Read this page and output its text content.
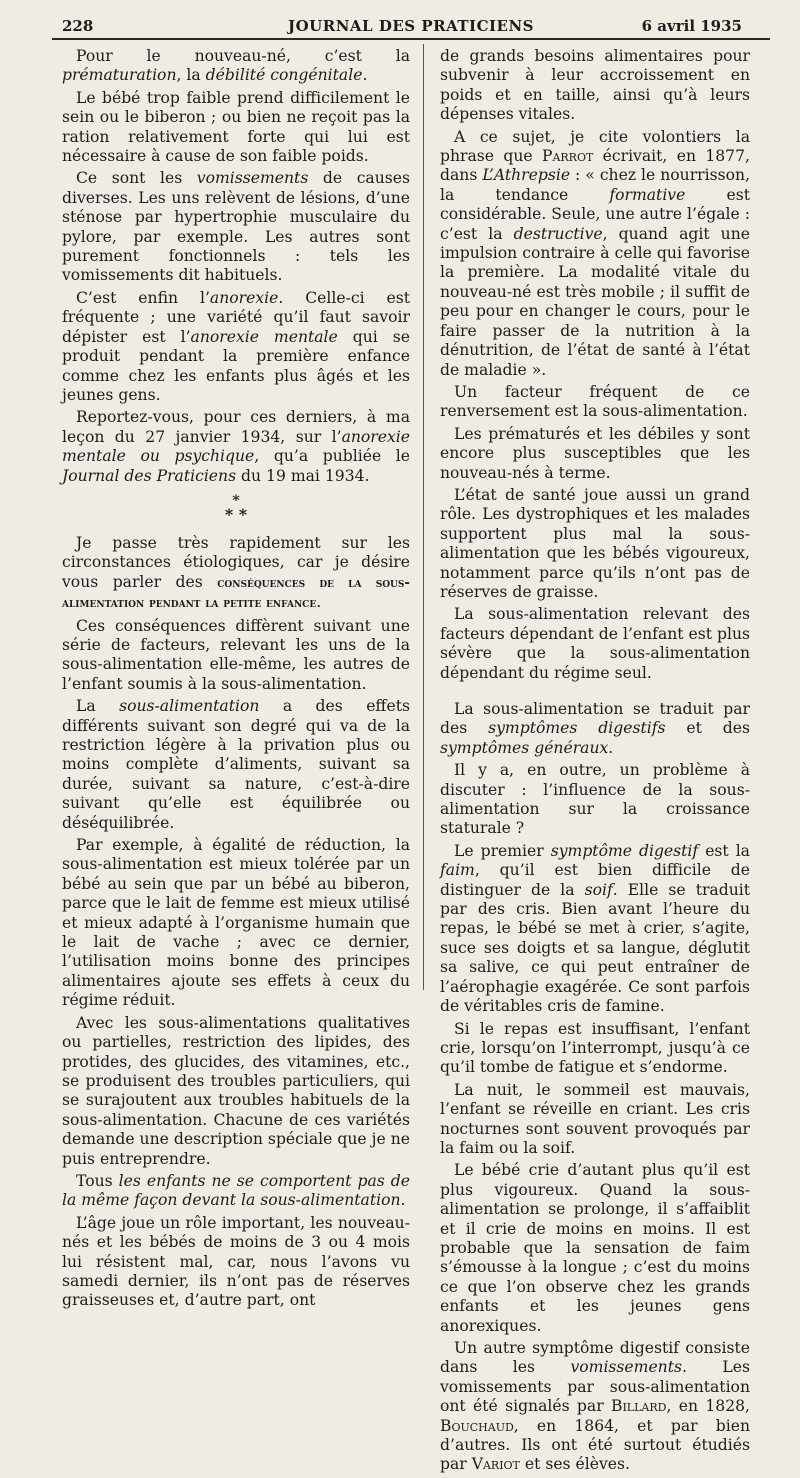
228	JOURNAL DES PRATICIENS	6 avril 1935

Pour le nouveau-né, c’est la prématuration, la débilité congénitale.

Le bébé trop faible prend difficilement le sein ou le biberon ; ou bien ne reçoit pas la ration relativement forte qui lui est nécessaire à cause de son faible poids.

Ce sont les vomissements de causes diverses. Les uns relèvent de lésions, d’une sténose par hypertrophie musculaire du pylore, par exemple. Les autres sont purement fonctionnels : tels les vomissements dit habituels.

C’est enfin l’anorexie. Celle-ci est fréquente ; une variété qu’il faut savoir dépister est l’anorexie mentale qui se produit pendant la première enfance comme chez les enfants plus âgés et les jeunes gens.

Reportez-vous, pour ces derniers, à ma leçon du 27 janvier 1934, sur l’anorexie mentale ou psychique, qu’a publiée le Journal des Praticiens du 19 mai 1934.

*
* *

Je passe très rapidement sur les circonstances étiologiques, car je désire vous parler des conséquences de la sous-alimentation pendant la petite enfance.

Ces conséquences diffèrent suivant une série de facteurs, relevant les uns de la sous-alimentation elle-même, les autres de l’enfant soumis à la sous-alimentation.

La sous-alimentation a des effets différents suivant son degré qui va de la restriction légère à la privation plus ou moins complète d’aliments, suivant sa durée, suivant sa nature, c’est-à-dire suivant qu’elle est équilibrée ou déséquilibrée.

Par exemple, à égalité de réduction, la sous-alimentation est mieux tolérée par un bébé au sein que par un bébé au biberon, parce que le lait de femme est mieux utilisé et mieux adapté à l’organisme humain que le lait de vache ; avec ce dernier, l’utilisation moins bonne des principes alimentaires ajoute ses effets à ceux du régime réduit.

Avec les sous-alimentations qualitatives ou partielles, restriction des lipides, des protides, des glucides, des vitamines, etc., se produisent des troubles particuliers, qui se surajoutent aux troubles habituels de la sous-alimentation. Chacune de ces variétés demande une description spéciale que je ne puis entreprendre.

Tous les enfants ne se comportent pas de la même façon devant la sous-alimentation.

L’âge joue un rôle important, les nouveau-nés et les bébés de moins de 3 ou 4 mois lui résistent mal, car, nous l’avons vu samedi dernier, ils n’ont pas de réserves graisseuses et, d’autre part, ont

de grands besoins alimentaires pour subvenir à leur accroissement en poids et en taille, ainsi qu’à leurs dépenses vitales.

A ce sujet, je cite volontiers la phrase que Parrot écrivait, en 1877, dans L’Athrepsie : « chez le nourrisson, la tendance formative est considérable. Seule, une autre l’égale : c’est la destructive, quand agit une impulsion contraire à celle qui favorise la première. La modalité vitale du nouveau-né est très mobile ; il suffit de peu pour en changer le cours, pour le faire passer de la nutrition à la dénutrition, de l’état de santé à l’état de maladie ».

Un facteur fréquent de ce renversement est la sous-alimentation.

Les prématurés et les débiles y sont encore plus susceptibles que les nouveau-nés à terme.

L’état de santé joue aussi un grand rôle. Les dystrophiques et les malades supportent plus mal la sous-alimentation que les bébés vigoureux, notamment parce qu’ils n’ont pas de réserves de graisse.

La sous-alimentation relevant des facteurs dépendant de l’enfant est plus sévère que la sous-alimentation dépendant du régime seul.

La sous-alimentation se traduit par des symptômes digestifs et des symptômes généraux.

Il y a, en outre, un problème à discuter : l’influence de la sous-alimentation sur la croissance staturale ?

Le premier symptôme digestif est la faim, qu’il est bien difficile de distinguer de la soif. Elle se traduit par des cris. Bien avant l’heure du repas, le bébé se met à crier, s’agite, suce ses doigts et sa langue, déglutit sa salive, ce qui peut entraîner de l’aérophagie exagérée. Ce sont parfois de véritables cris de famine.

Si le repas est insuffisant, l’enfant crie, lorsqu’on l’interrompt, jusqu’à ce qu’il tombe de fatigue et s’endorme.

La nuit, le sommeil est mauvais, l’enfant se réveille en criant. Les cris nocturnes sont souvent provoqués par la faim ou la soif.

Le bébé crie d’autant plus qu’il est plus vigoureux. Quand la sous-alimentation se prolonge, il s’affaiblit et il crie de moins en moins. Il est probable que la sensation de faim s’émousse à la longue ; c’est du moins ce que l’on observe chez les grands enfants et les jeunes gens anorexiques.

Un autre symptôme digestif consiste dans les vomissements. Les vomissements par sous-alimentation ont été signalés par Billard, en 1828, Bouchaud, en 1864, et par bien d’autres. Ils ont été surtout étudiés par Variot et ses élèves.
